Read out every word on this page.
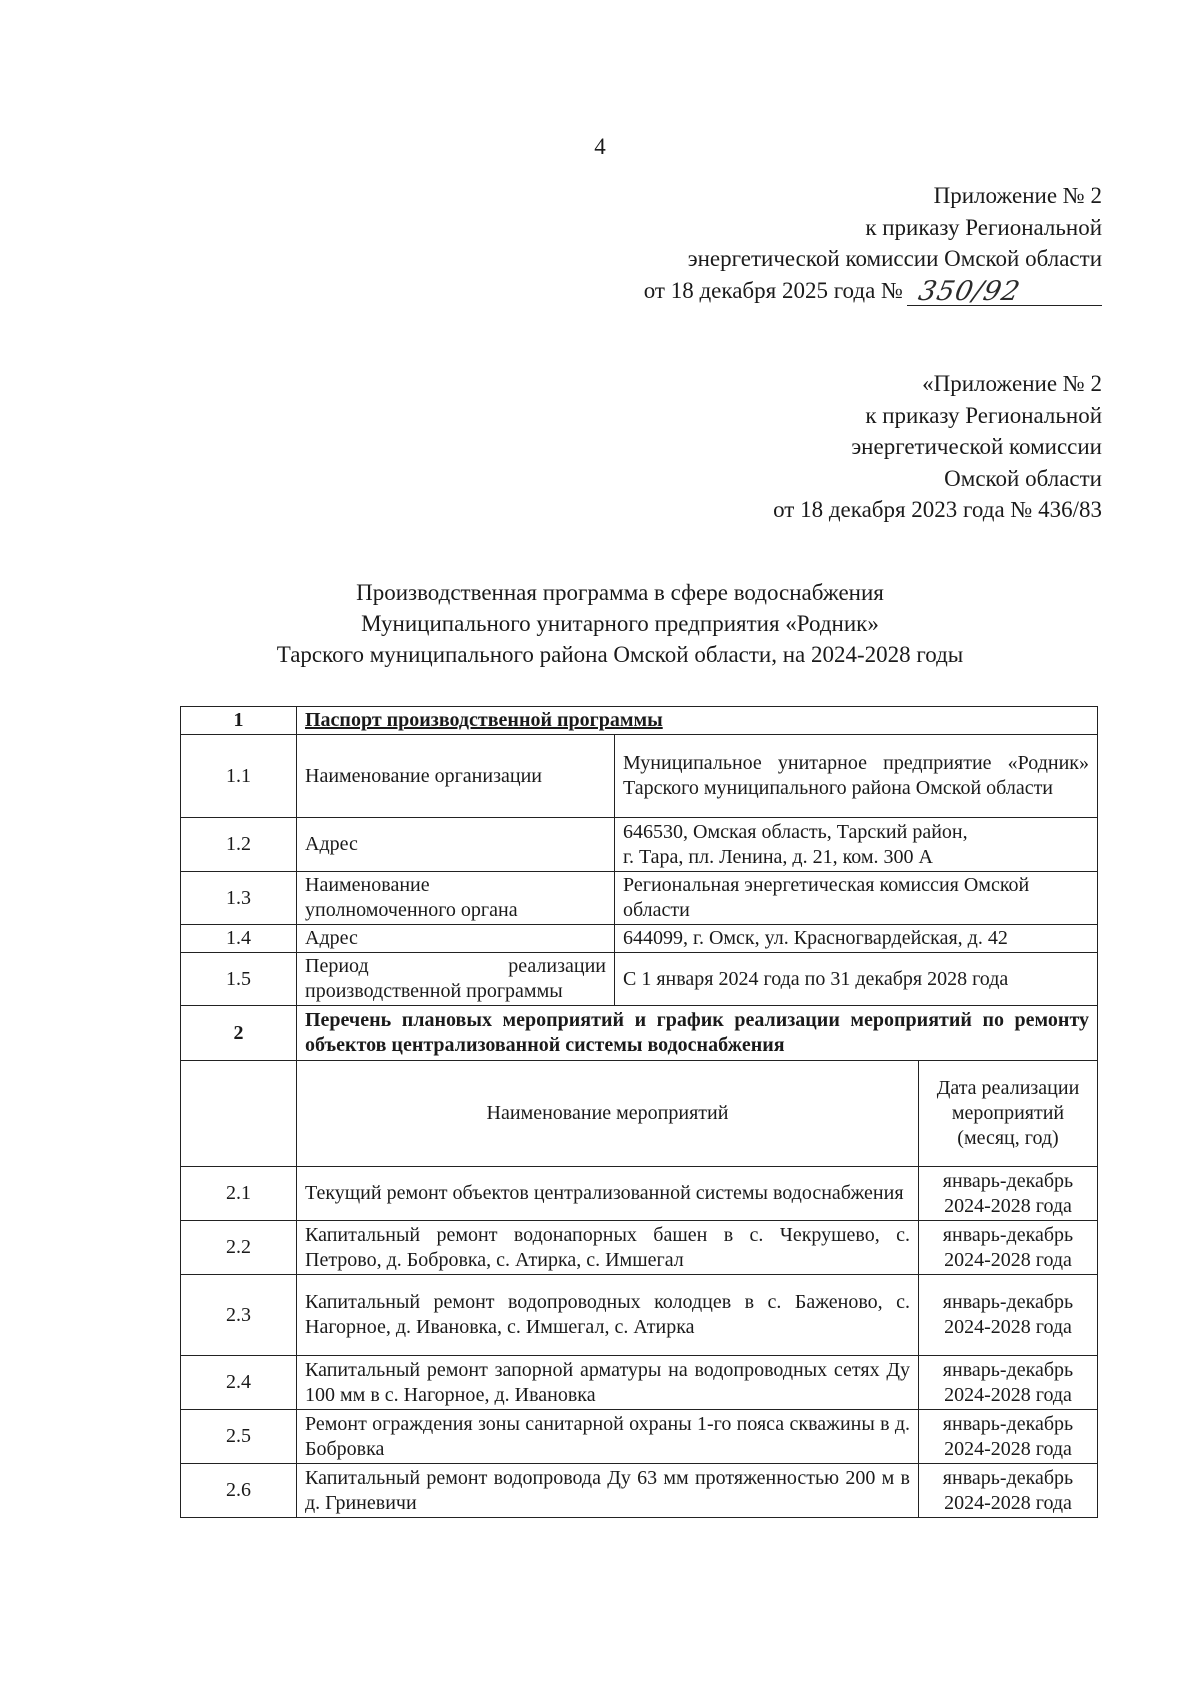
4
Приложение № 2
к приказу Региональной
энергетической комиссии Омской области
от 18 декабря 2025 года № 350/92
«Приложение № 2
к приказу Региональной
энергетической комиссии
Омской области
от 18 декабря 2023 года № 436/83
Производственная программа в сфере водоснабжения
Муниципального унитарного предприятия «Родник»
Тарского муниципального района Омской области, на 2024-2028 годы
1	Паспорт производственной программы		
1.1	Наименование организации	Муниципальное унитарное предприятие «Родник» Тарского муниципального района Омской области	
1.2	Адрес	646530, Омская область, Тарский район,
г. Тара, пл. Ленина, д. 21, ком. 300 А	

1.3	Наименование уполномоченного органа	Региональная энергетическая комиссия Омской области	
1.4	Адрес	644099, г. Омск, ул. Красногвардейская, д. 42	
1.5	Период реализации производственной программы	С 1 января 2024 года по 31 декабря 2028 года	
2	Перечень плановых мероприятий и график реализации мероприятий по ремонту объектов централизованной системы водоснабжения		
	Наименование мероприятий		Дата реализации мероприятий (месяц, год)
2.1	Текущий ремонт объектов централизованной системы водоснабжения		январь-декабрь 2024-2028 года
2.2	Капитальный ремонт водонапорных башен в с. Чекрушево, с. Петрово, д. Бобровка, с. Атирка, с. Имшегал		январь-декабрь 2024-2028 года
2.3	Капитальный ремонт водопроводных колодцев в с. Баженово, с. Нагорное, д. Ивановка, с. Имшегал, с. Атирка		январь-декабрь 2024-2028 года
2.4	Капитальный ремонт запорной арматуры на водопроводных сетях Ду 100 мм в с. Нагорное, д. Ивановка		январь-декабрь 2024-2028 года
2.5	Ремонт ограждения зоны санитарной охраны 1-го пояса скважины в д. Бобровка		январь-декабрь 2024-2028 года
2.6	Капитальный ремонт водопровода Ду 63 мм протяженностью 200 м в д. Гриневичи		январь-декабрь 2024-2028 года
